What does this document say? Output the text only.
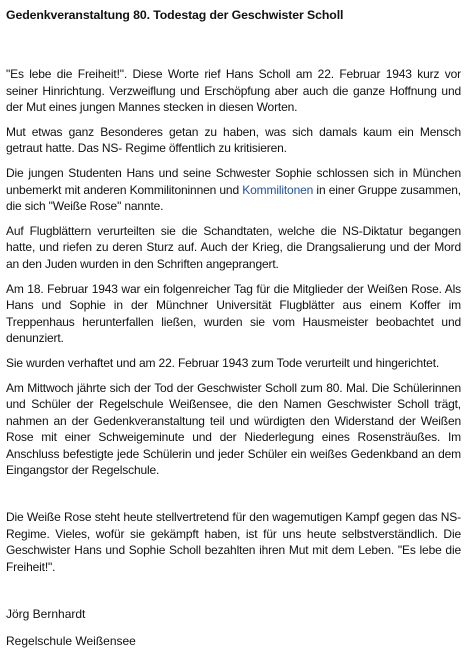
Gedenkveranstaltung 80. Todestag der Geschwister Scholl

"Es lebe die Freiheit!". Diese Worte rief Hans Scholl am 22. Februar 1943 kurz vor seiner Hinrichtung. Verzweiflung und Erschöpfung aber auch die ganze Hoffnung und der Mut eines jungen Mannes stecken in diesen Worten.

Mut etwas ganz Besonderes getan zu haben, was sich damals kaum ein Mensch getraut hatte. Das NS- Regime öffentlich zu kritisieren.

Die jungen Studenten Hans und seine Schwester Sophie schlossen sich in München unbemerkt mit anderen Kommilitoninnen und Kommilitonen in einer Gruppe zusammen, die sich "Weiße Rose" nannte.

Auf Flugblättern verurteilten sie die Schandtaten, welche die NS-Diktatur begangen hatte, und riefen zu deren Sturz auf. Auch der Krieg, die Drangsalierung und der Mord an den Juden wurden in den Schriften angeprangert.

Am 18. Februar 1943 war ein folgenreicher Tag für die Mitglieder der Weißen Rose. Als Hans und Sophie in der Münchner Universität Flugblätter aus einem Koffer im Treppenhaus herunterfallen ließen, wurden sie vom Hausmeister beobachtet und denunziert.

Sie wurden verhaftet und am 22. Februar 1943 zum Tode verurteilt und hingerichtet.

Am Mittwoch jährte sich der Tod der Geschwister Scholl zum 80. Mal. Die Schülerinnen und Schüler der Regelschule Weißensee, die den Namen Geschwister Scholl trägt, nahmen an der Gedenkveranstaltung teil und würdigten den Widerstand der Weißen Rose mit einer Schweigeminute und der Niederlegung eines Rosensträußes. Im Anschluss befestigte jede Schülerin und jeder Schüler ein weißes Gedenkband an dem Eingangstor der Regelschule.

Die Weiße Rose steht heute stellvertretend für den wagemutigen Kampf gegen das NS- Regime. Vieles, wofür sie gekämpft haben, ist für uns heute selbstverständlich. Die Geschwister Hans und Sophie Scholl bezahlten ihren Mut mit dem Leben. "Es lebe die Freiheit!".

Jörg Bernhardt

Regelschule Weißensee
